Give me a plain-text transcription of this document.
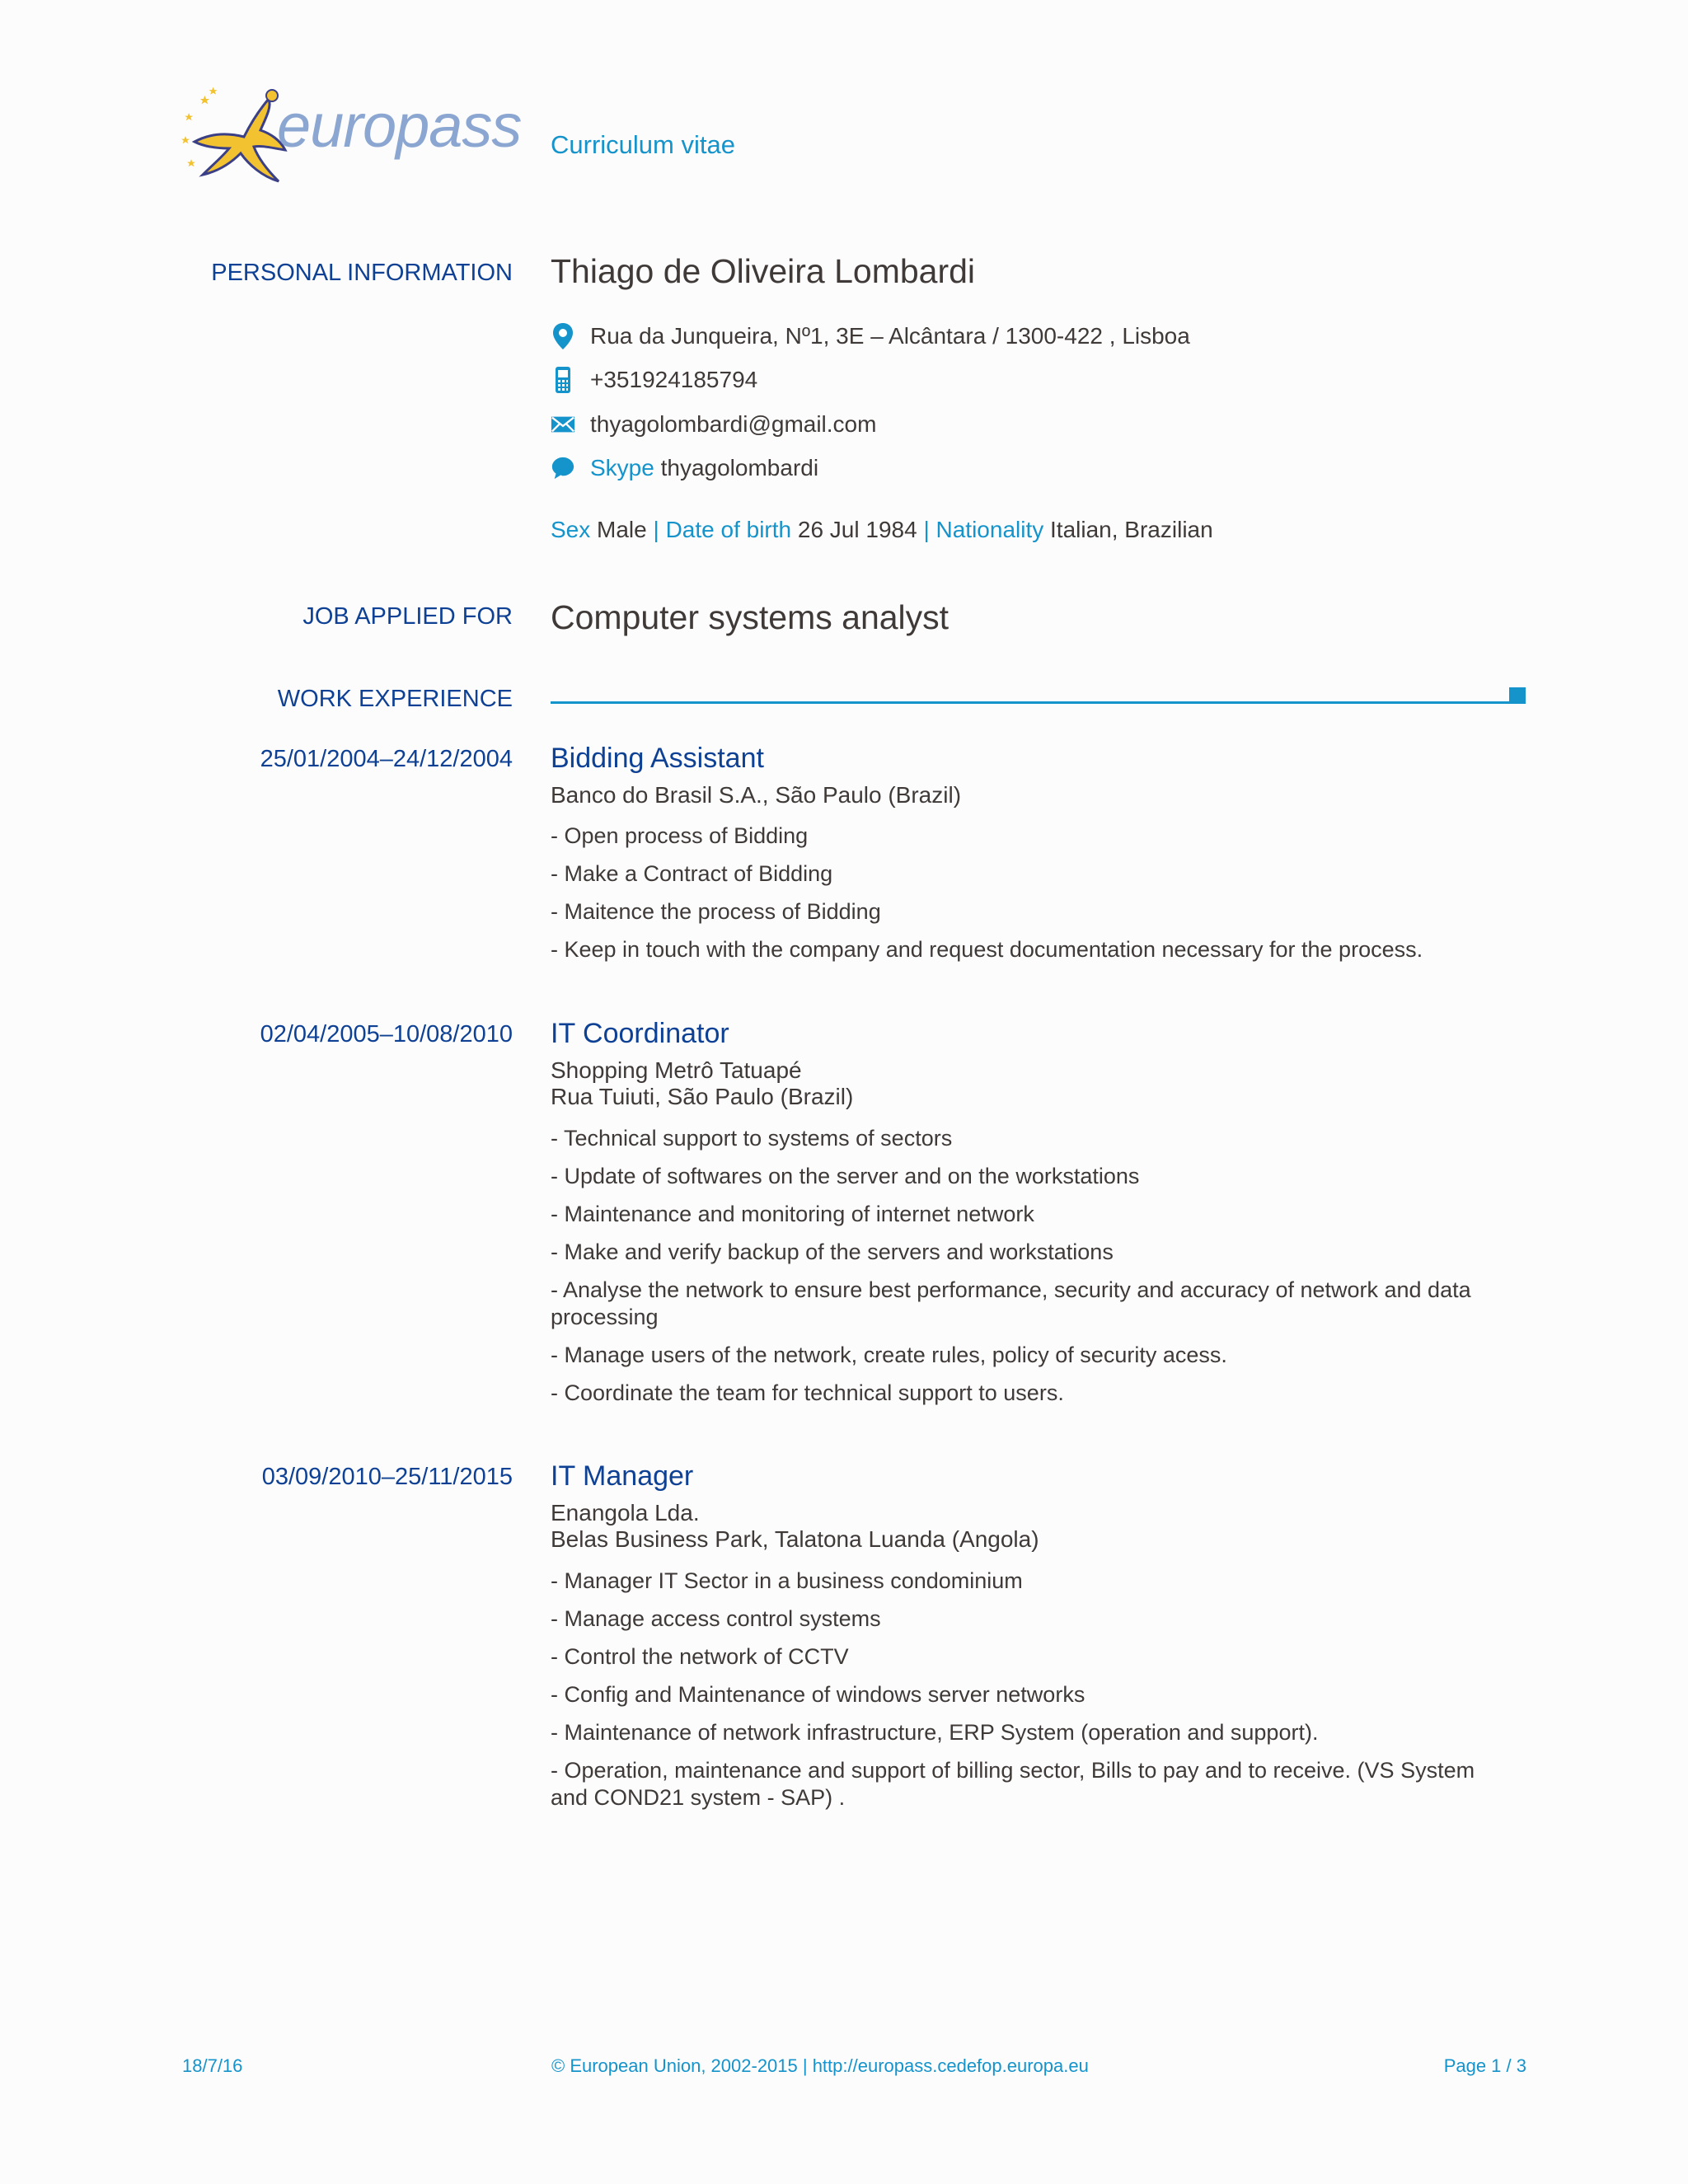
europass Curriculum vitae
PERSONAL INFORMATION Thiago de Oliveira Lombardi
Rua da Junqueira, Nº1, 3E – Alcântara / 1300-422 , Lisboa
+351924185794
thyagolombardi@gmail.com
Skype
thyagolombardi
Sex Male | Date of birth 26 Jul 1984 | Nationality Italian, Brazilian
JOB APPLIED FOR Computer systems analyst
WORK EXPERIENCE
25/01/2004–24/12/2004 Bidding Assistant
Banco do Brasil S.A., São Paulo (Brazil)
- Open process of Bidding
- Make a Contract of Bidding
- Maitence the process of Bidding
- Keep in touch with the company and request documentation necessary for the process.
02/04/2005–10/08/2010 IT Coordinator
Shopping Metrô Tatuapé
Rua Tuiuti, São Paulo (Brazil)
- Technical support to systems of sectors
- Update of softwares on the server and on the workstations
- Maintenance and monitoring of internet network
- Make and verify backup of the servers and workstations
- Analyse the network to ensure best performance, security and accuracy of network and data processing
- Manage users of the network, create rules, policy of security acess.
- Coordinate the team for technical support to users.
03/09/2010–25/11/2015 IT Manager
Enangola Lda.
Belas Business Park, Talatona Luanda (Angola)
- Manager IT Sector in a business condominium
- Manage access control systems
- Control the network of CCTV
- Config and Maintenance of windows server networks
- Maintenance of network infrastructure, ERP System (operation and support).
- Operation, maintenance and support of billing sector, Bills to pay and to receive. (VS System and COND21 system - SAP) .
18/7/16	© European Union, 2002-2015 | http://europass.cedefop.europa.eu	Page 1 / 3
